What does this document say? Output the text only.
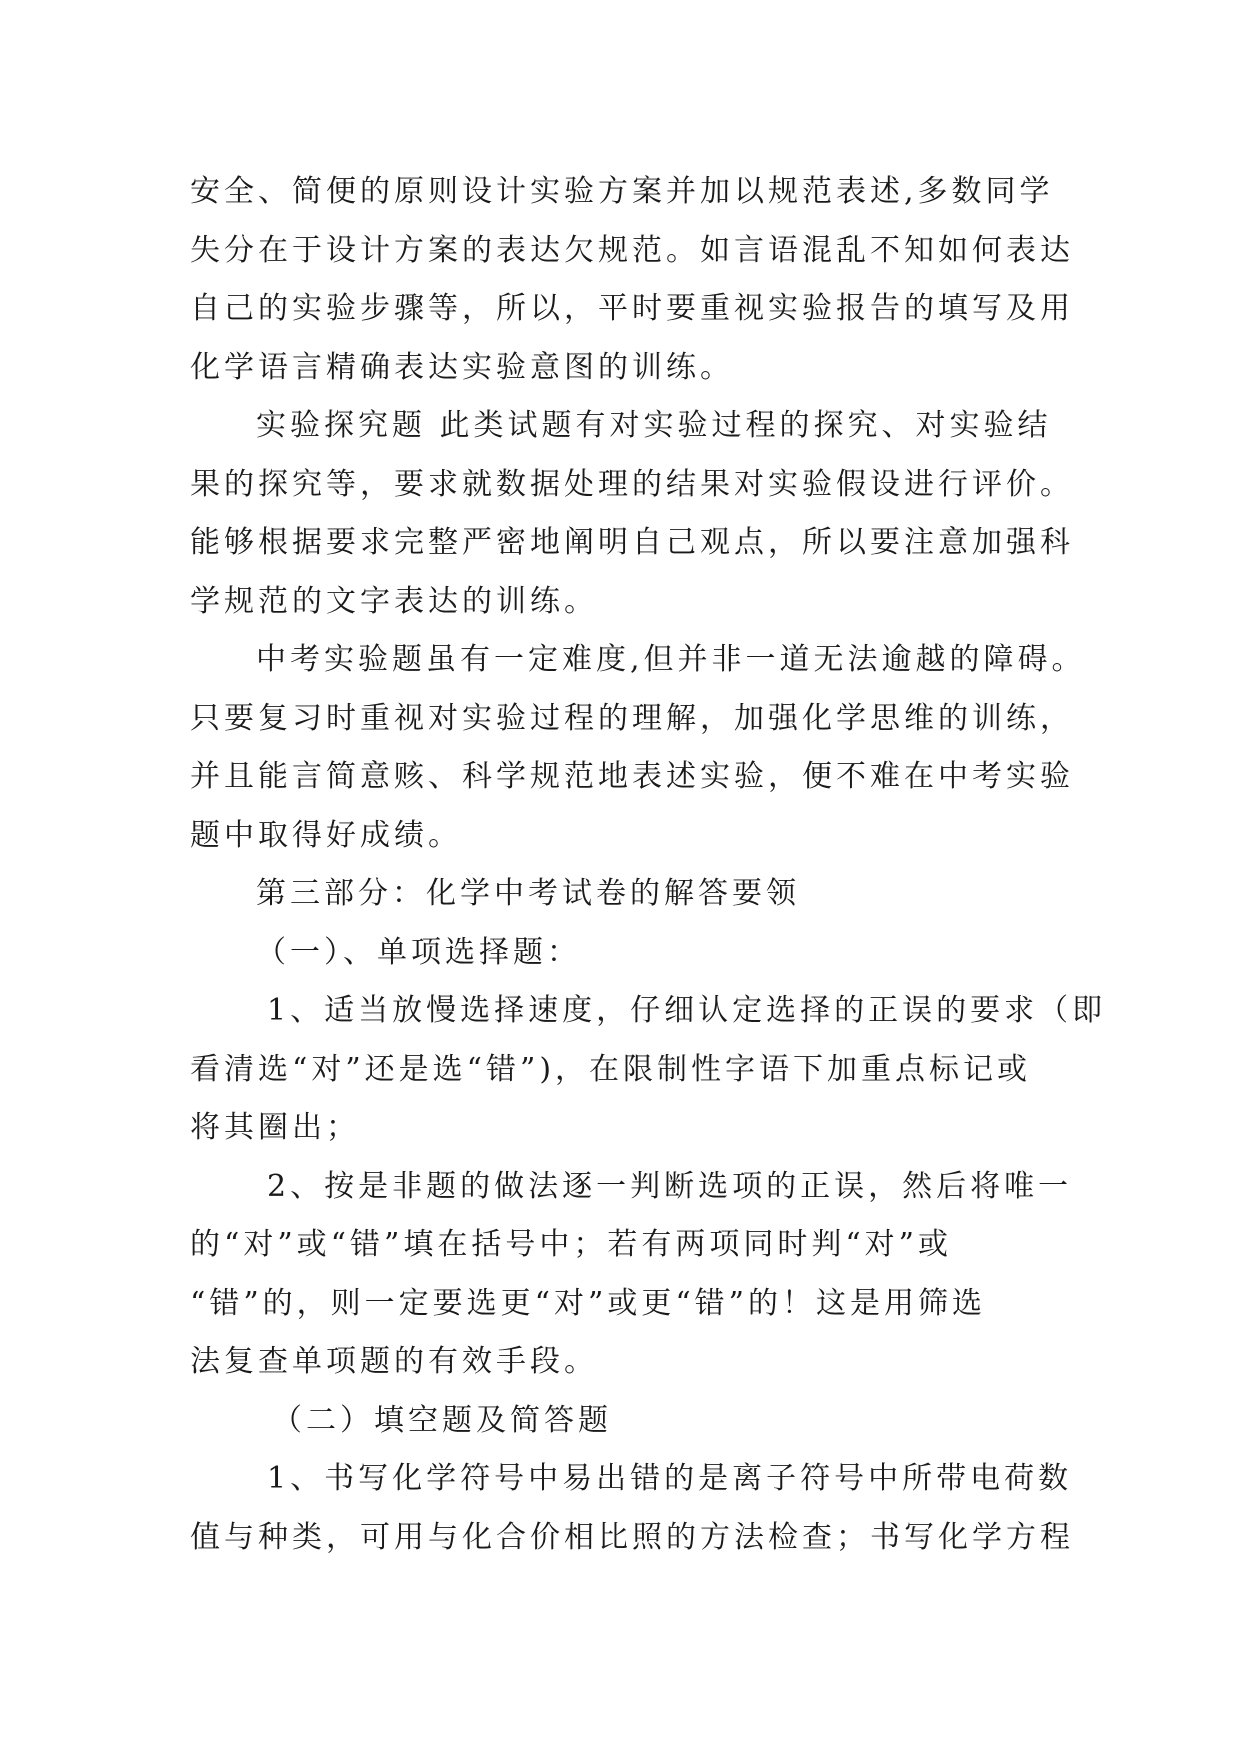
安全、简便的原则设计实验方案并加以规范表述,多数同学
失分在于设计方案的表达欠规范。如言语混乱不知如何表达
自己的实验步骤等，所以，平时要重视实验报告的填写及用
化学语言精确表达实验意图的训练。

实验探究题 此类试题有对实验过程的探究、对实验结
果的探究等，要求就数据处理的结果对实验假设进行评价。
能够根据要求完整严密地阐明自己观点，所以要注意加强科
学规范的文字表达的训练。

中考实验题虽有一定难度,但并非一道无法逾越的障碍。
只要复习时重视对实验过程的理解，加强化学思维的训练，
并且能言简意赅、科学规范地表述实验，便不难在中考实验
题中取得好成绩。

第三部分：化学中考试卷的解答要领

（一）、单项选择题：

1、适当放慢选择速度，仔细认定选择的正误的要求（即
看清选“对”还是选“错”)，在限制性字语下加重点标记或
将其圈出；

2、按是非题的做法逐一判断选项的正误，然后将唯一
的“对”或“错”填在括号中；若有两项同时判“对”或
“错”的，则一定要选更“对”或更“错”的！这是用筛选
法复查单项题的有效手段。

（二）填空题及简答题

1、书写化学符号中易出错的是离子符号中所带电荷数
值与种类，可用与化合价相比照的方法检查；书写化学方程
